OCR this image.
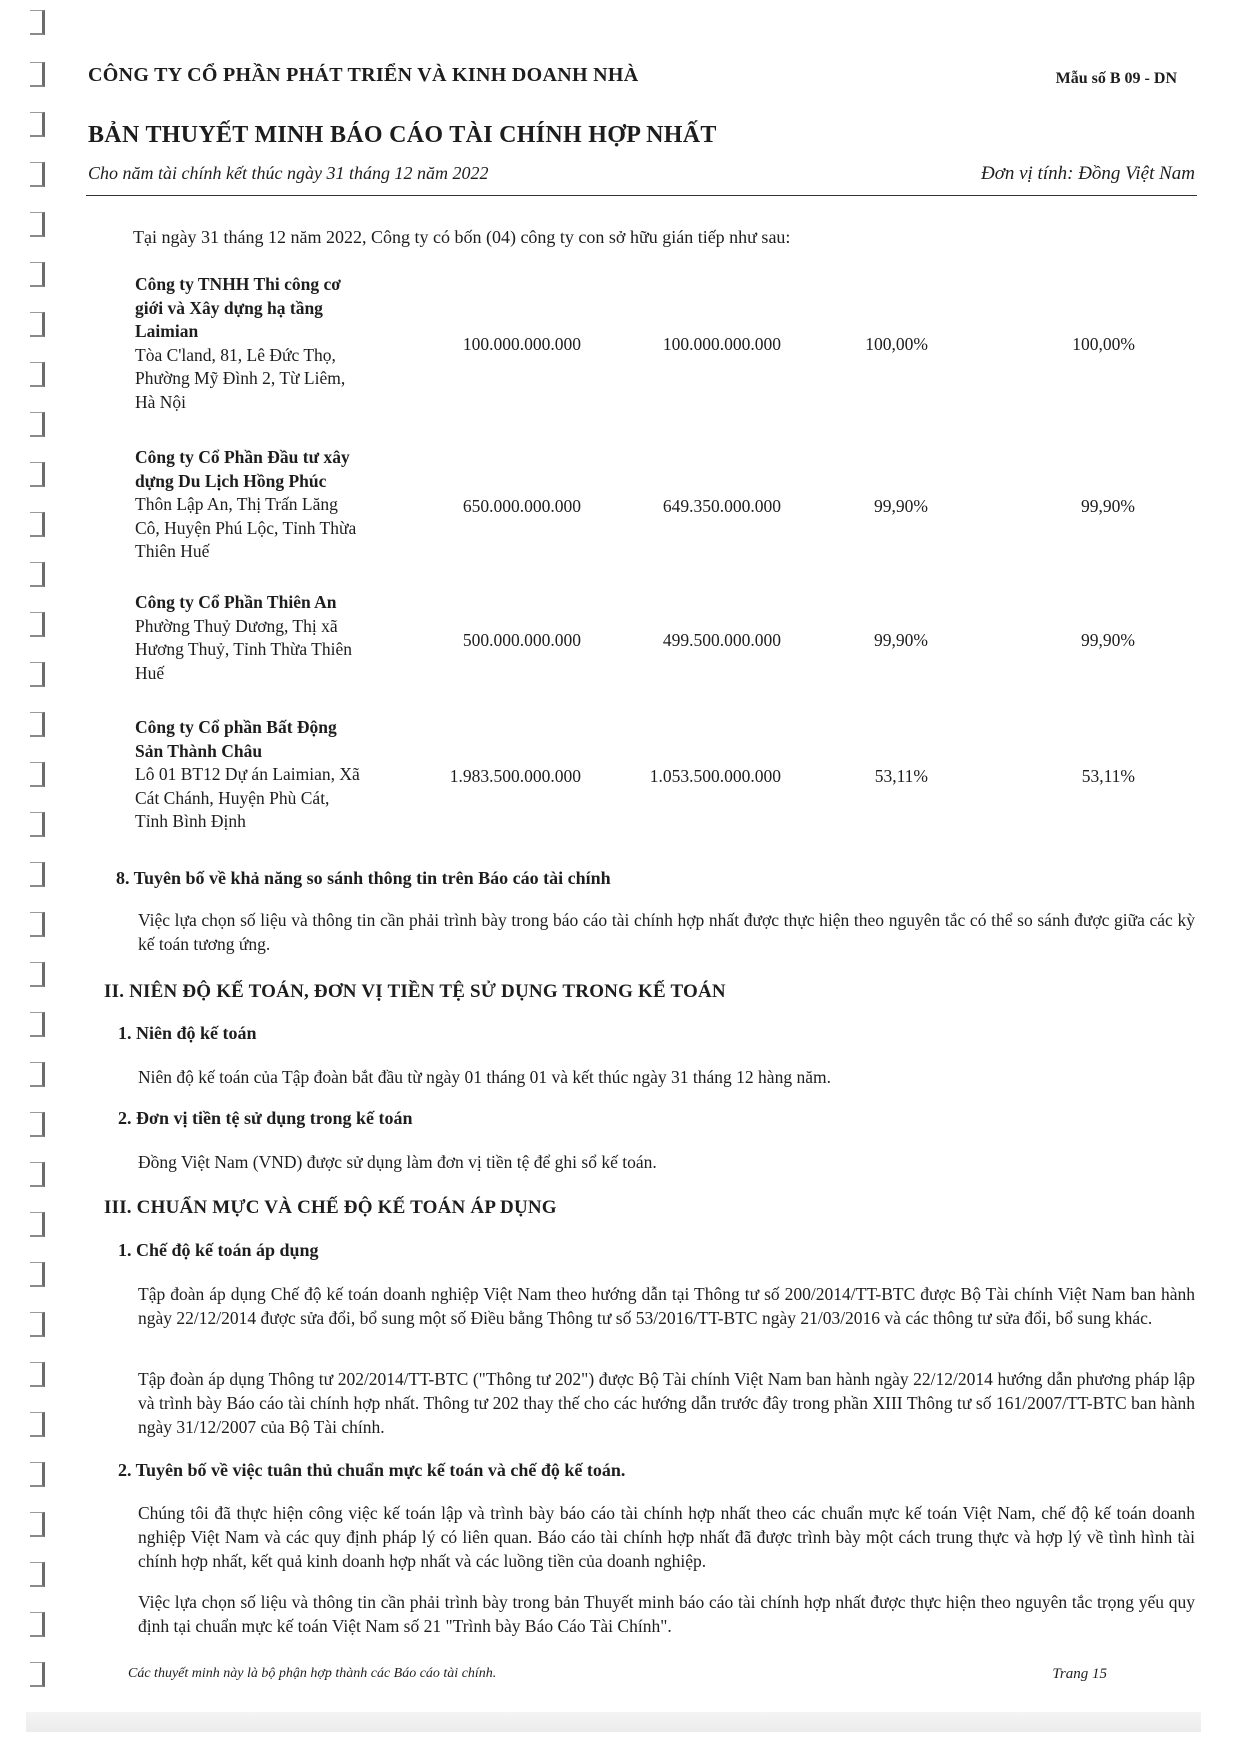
CÔNG TY CỔ PHẦN PHÁT TRIỂN VÀ KINH DOANH NHÀ	Mẫu số B 09 - DN
BẢN THUYẾT MINH BÁO CÁO TÀI CHÍNH HỢP NHẤT
Cho năm tài chính kết thúc ngày 31 tháng 12 năm 2022	Đơn vị tính: Đồng Việt Nam
Tại ngày 31 tháng 12 năm 2022, Công ty có bốn (04) công ty con sở hữu gián tiếp như sau:
Công ty TNHH Thi công cơ
giới và Xây dựng hạ tầng
Laimian
Tòa C'land, 81, Lê Đức Thọ,
Phường Mỹ Đình 2, Từ Liêm,
Hà Nội
100.000.000.000	100.000.000.000	100,00%	100,00%
Công ty Cổ Phần Đầu tư xây
dựng Du Lịch Hồng Phúc
Thôn Lập An, Thị Trấn Lăng
Cô, Huyện Phú Lộc, Tỉnh Thừa
Thiên Huế
650.000.000.000	649.350.000.000	99,90%	99,90%
Công ty Cổ Phần Thiên An
Phường Thuỷ Dương, Thị xã
Hương Thuỷ, Tỉnh Thừa Thiên
Huế
500.000.000.000	499.500.000.000	99,90%	99,90%
Công ty Cổ phần Bất Động
Sản Thành Châu
Lô 01 BT12 Dự án Laimian, Xã
Cát Chánh, Huyện Phù Cát,
Tỉnh Bình Định
1.983.500.000.000	1.053.500.000.000	53,11%	53,11%
8. Tuyên bố về khả năng so sánh thông tin trên Báo cáo tài chính
Việc lựa chọn số liệu và thông tin cần phải trình bày trong báo cáo tài chính hợp nhất được thực hiện theo nguyên tắc có thể so sánh được giữa các kỳ kế toán tương ứng.
II. NIÊN ĐỘ KẾ TOÁN, ĐƠN VỊ TIỀN TỆ SỬ DỤNG TRONG KẾ TOÁN
1. Niên độ kế toán
Niên độ kế toán của Tập đoàn bắt đầu từ ngày 01 tháng 01 và kết thúc ngày 31 tháng 12 hàng năm.
2. Đơn vị tiền tệ sử dụng trong kế toán
Đồng Việt Nam (VND) được sử dụng làm đơn vị tiền tệ để ghi sổ kế toán.
III. CHUẨN MỰC VÀ CHẾ ĐỘ KẾ TOÁN ÁP DỤNG
1. Chế độ kế toán áp dụng
Tập đoàn áp dụng Chế độ kế toán doanh nghiệp Việt Nam theo hướng dẫn tại Thông tư số 200/2014/TT-BTC được Bộ Tài chính Việt Nam ban hành ngày 22/12/2014 được sửa đổi, bổ sung một số Điều bằng Thông tư số 53/2016/TT-BTC ngày 21/03/2016 và các thông tư sửa đổi, bổ sung khác.
Tập đoàn áp dụng Thông tư 202/2014/TT-BTC ("Thông tư 202") được Bộ Tài chính Việt Nam ban hành ngày 22/12/2014 hướng dẫn phương pháp lập và trình bày Báo cáo tài chính hợp nhất. Thông tư 202 thay thế cho các hướng dẫn trước đây trong phần XIII Thông tư số 161/2007/TT-BTC ban hành ngày 31/12/2007 của Bộ Tài chính.
2. Tuyên bố về việc tuân thủ chuẩn mực kế toán và chế độ kế toán.
Chúng tôi đã thực hiện công việc kế toán lập và trình bày báo cáo tài chính hợp nhất theo các chuẩn mực kế toán Việt Nam, chế độ kế toán doanh nghiệp Việt Nam và các quy định pháp lý có liên quan. Báo cáo tài chính hợp nhất đã được trình bày một cách trung thực và hợp lý về tình hình tài chính hợp nhất, kết quả kinh doanh hợp nhất và các luồng tiền của doanh nghiệp.
Việc lựa chọn số liệu và thông tin cần phải trình bày trong bản Thuyết minh báo cáo tài chính hợp nhất được thực hiện theo nguyên tắc trọng yếu quy định tại chuẩn mực kế toán Việt Nam số 21 "Trình bày Báo Cáo Tài Chính".
Các thuyết minh này là bộ phận hợp thành các Báo cáo tài chính.	Trang 15
